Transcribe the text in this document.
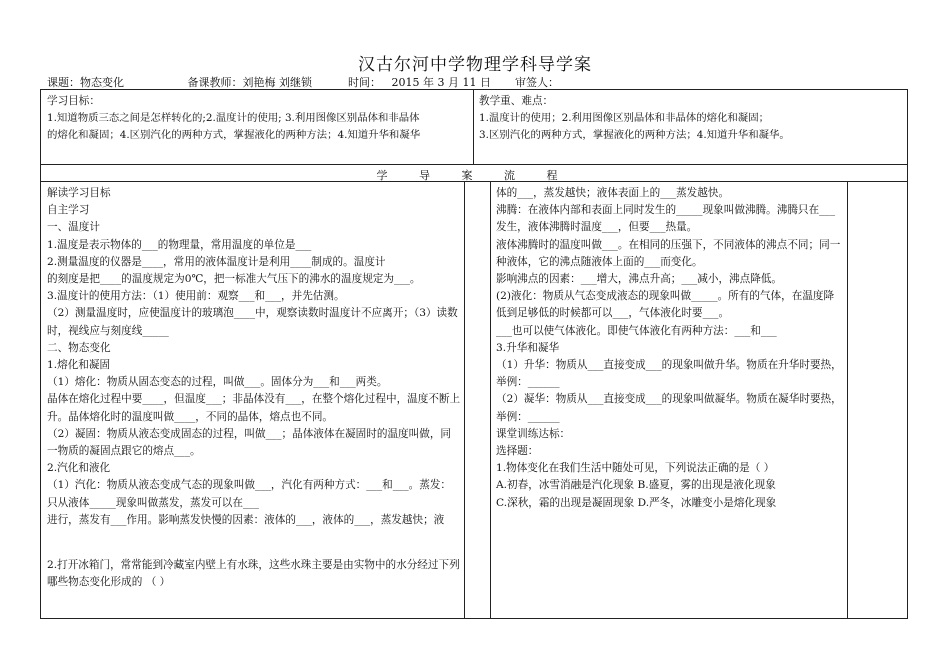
汉古尔河中学物理学科导学案
课题：物态变化	备课教师：刘艳梅 刘继锁	时间： 2015 年 3 月 11 日 审签人：
学习目标：
1.知道物质三态之间是怎样转化的;2.温度计的使用; 3.利用图像区别晶体和非晶体
的熔化和凝固；4.区别汽化的两种方式，掌握液化的两种方法；4.知道升华和凝华
教学重、难点：
1.温度计的使用；2.利用图像区别晶体和非晶体的熔化和凝固；
3.区别汽化的两种方式，掌握液化的两种方法；4.知道升华和凝华。
学 导 案 流 程
解读学习目标
自主学习
一、温度计
1.温度是表示物体的___的物理量，常用温度的单位是___
2.测量温度的仪器是____，常用的液体温度计是利用____制成的。温度计
的刻度是把____的温度规定为0℃，把一标准大气压下的沸水的温度规定为___。
3.温度计的使用方法：（1）使用前：观察___和___，并先估测。
（2）测量温度时，应使温度计的玻璃泡____中，观察读数时温度计不应离开；（3）读数时，视线应与刻度线_____
二、物态变化
1.熔化和凝固
（1）熔化：物质从固态变态的过程，叫做___。固体分为___和___两类。
晶体在熔化过程中要____，但温度___；非晶体没有___，在整个熔化过程中，温度不断上升。晶体熔化时的温度叫做____，不同的晶体，熔点也不同。
（2）凝固：物质从液态变成固态的过程，叫做___；晶体液体在凝固时的温度叫做，同一物质的凝固点跟它的熔点___。
2.汽化和液化
（1）汽化：物质从液态变成气态的现象叫做___，汽化有两种方式：___和___。蒸发：只从液体_____现象叫做蒸发，蒸发可以在___
进行，蒸发有___作用。影响蒸发快慢的因素：液体的___，液体的___，蒸发越快；液
2.打开冰箱门，常常能到冷藏室内壁上有水珠，这些水珠主要是由实物中的水分经过下列哪些物态变化形成的 （ ）
体的___，蒸发越快；液体表面上的___蒸发越快。
沸腾：在液体内部和表面上同时发生的_____现象叫做沸腾。沸腾只在___发生，液体沸腾时温度___，但要___热量。
液体沸腾时的温度叫做___。在相同的压强下，不同液体的沸点不同；同一种液体，它的沸点随液体上面的___而变化。
影响沸点的因素：___增大，沸点升高；___减小，沸点降低。
(2)液化：物质从气态变成液态的现象叫做_____。所有的气体，在温度降低到足够低的时候都可以___，气体液化时要___。
___也可以使气体液化。即使气体液化有两种方法：___和___
3.升华和凝华
（1）升华：物质从___直接变成___的现象叫做升华。物质在升华时要热，举例：______
（2）凝华：物质从___直接变成___的现象叫做凝华。物质在凝华时要热，举例：______
课堂训练达标：
选择题：
1.物体变化在我们生活中随处可见，下列说法正确的是（ ）
A.初春，冰雪消融是汽化现象 B.盛夏，雾的出现是液化现象
C.深秋，霜的出现是凝固现象 D.严冬，冰雕变小是熔化现象
